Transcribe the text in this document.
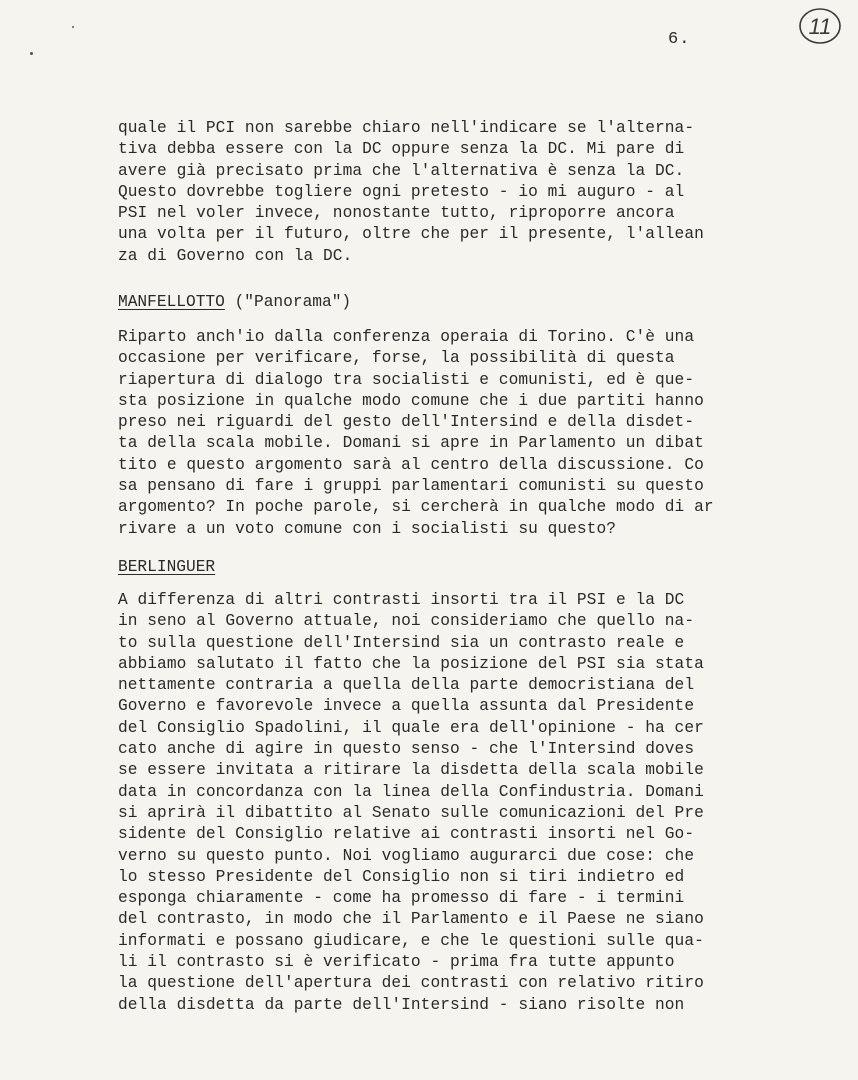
6.
11
quale il PCI non sarebbe chiaro nell'indicare se l'alterna-
tiva debba essere con la DC oppure senza la DC. Mi pare di
avere già precisato prima che l'alternativa è senza la DC.
Questo dovrebbe togliere ogni pretesto - io mi auguro - al
PSI nel voler invece, nonostante tutto, riproporre ancora
una volta per il futuro, oltre che per il presente, l'allean
za di Governo con la DC.
MANFELLOTTO ("Panorama")
Riparto anch'io dalla conferenza operaia di Torino. C'è una
occasione per verificare, forse, la possibilità di questa
riapertura di dialogo tra socialisti e comunisti, ed è que-
sta posizione in qualche modo comune che i due partiti hanno
preso nei riguardi del gesto dell'Intersind e della disdet-
ta della scala mobile. Domani si apre in Parlamento un dibat
tito e questo argomento sarà al centro della discussione. Co
sa pensano di fare i gruppi parlamentari comunisti su questo
argomento? In poche parole, si cercherà in qualche modo di ar
rivare a un voto comune con i socialisti su questo?
BERLINGUER
A differenza di altri contrasti insorti tra il PSI e la DC
in seno al Governo attuale, noi consideriamo che quello na-
to sulla questione dell'Intersind sia un contrasto reale e
abbiamo salutato il fatto che la posizione del PSI sia stata
nettamente contraria a quella della parte democristiana del
Governo e favorevole invece a quella assunta dal Presidente
del Consiglio Spadolini, il quale era dell'opinione - ha cer
cato anche di agire in questo senso - che l'Intersind doves
se essere invitata a ritirare la disdetta della scala mobile
data in concordanza con la linea della Confindustria. Domani
si aprirà il dibattito al Senato sulle comunicazioni del Pre
sidente del Consiglio relative ai contrasti insorti nel Go-
verno su questo punto. Noi vogliamo augurarci due cose: che
lo stesso Presidente del Consiglio non si tiri indietro ed
esponga chiaramente - come ha promesso di fare - i termini
del contrasto, in modo che il Parlamento e il Paese ne siano
informati e possano giudicare, e che le questioni sulle qua-
li il contrasto si è verificato - prima fra tutte appunto
la questione dell'apertura dei contrasti con relativo ritiro
della disdetta da parte dell'Intersind - siano risolte non
